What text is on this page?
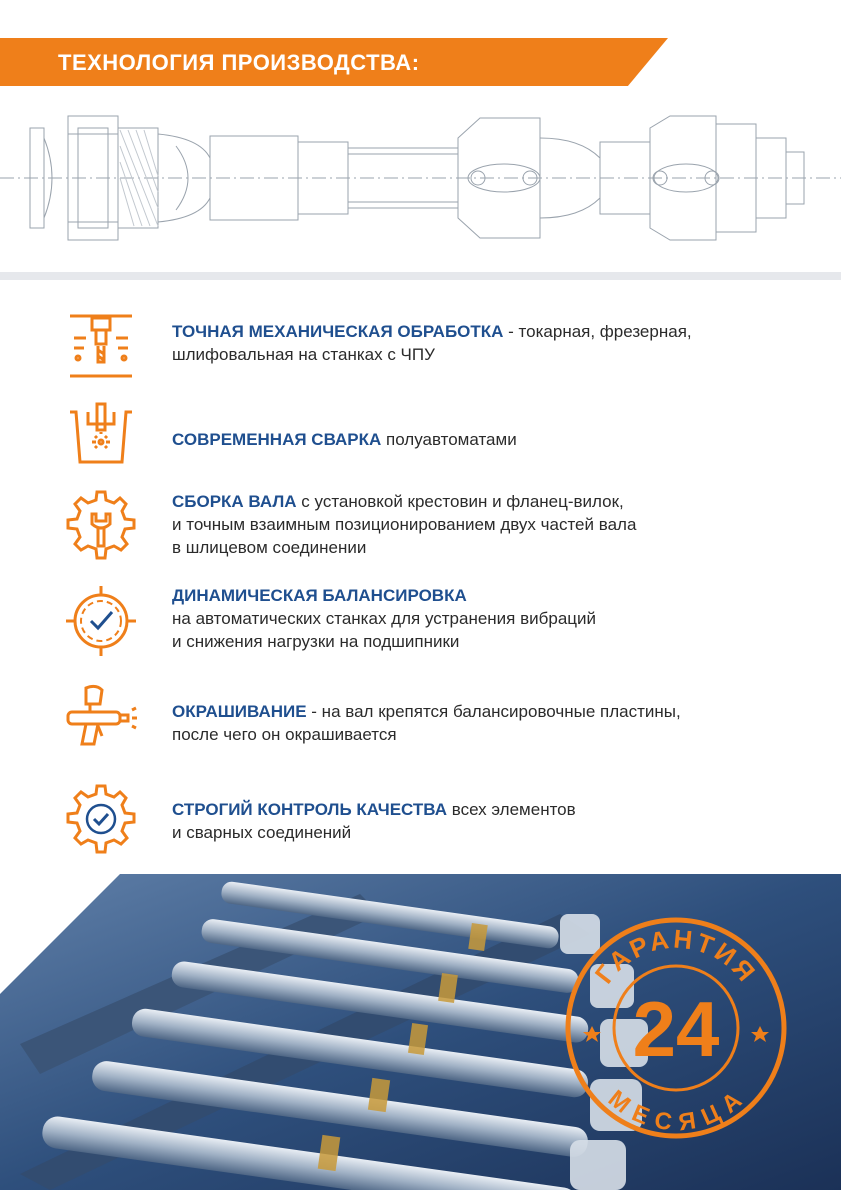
ТЕХНОЛОГИЯ ПРОИЗВОДСТВА:
ТОЧНАЯ МЕХАНИЧЕСКАЯ ОБРАБОТКА - токарная, фрезерная,
шлифовальная на станках с ЧПУ
СОВРЕМЕННАЯ СВАРКА полуавтоматами
СБОРКА ВАЛА с установкой крестовин и фланец-вилок,
и точным взаимным позиционированием двух частей вала
в шлицевом соединении
ДИНАМИЧЕСКАЯ БАЛАНСИРОВКА
на автоматических станках для устранения вибраций
и снижения нагрузки на подшипники
ОКРАШИВАНИЕ - на вал крепятся балансировочные пластины,
после чего он окрашивается
СТРОГИЙ КОНТРОЛЬ КАЧЕСТВА всех элементов
и сварных соединений
ГАРАНТИЯ
МЕСЯЦА
24
